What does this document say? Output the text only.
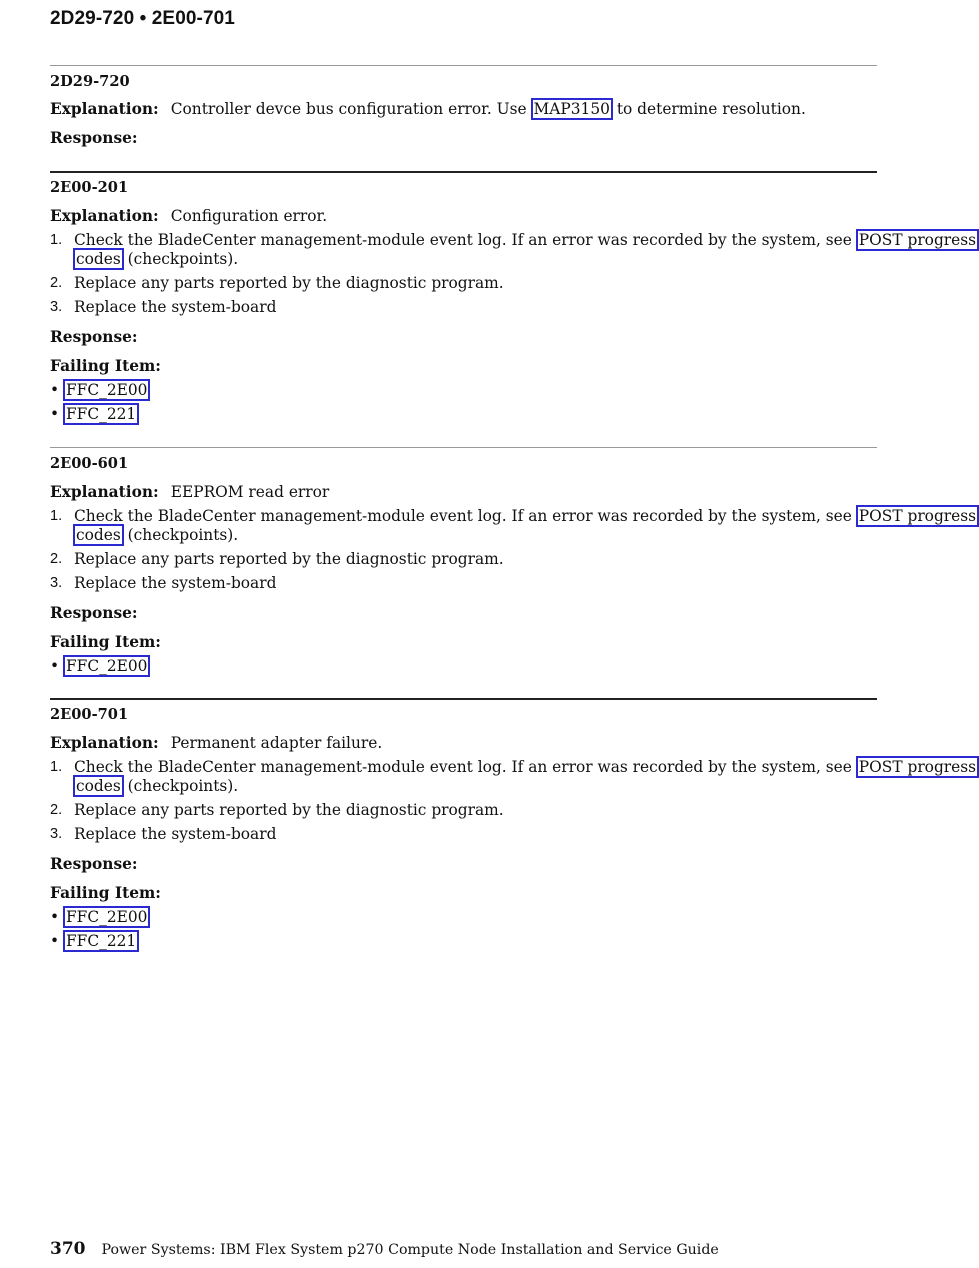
2D29-720 • 2E00-701
2D29-720
Explanation: Controller devce bus configuration error. Use MAP3150 to determine resolution.
Response:
2E00-201
Explanation: Configuration error.
1. Check the BladeCenter management-module event log. If an error was recorded by the system, see POST progress
codes (checkpoints).
2. Replace any parts reported by the diagnostic program.
3. Replace the system-board
Response:
Failing Item:
• FFC_2E00
• FFC_221
2E00-601
Explanation: EEPROM read error
1. Check the BladeCenter management-module event log. If an error was recorded by the system, see POST progress
codes (checkpoints).
2. Replace any parts reported by the diagnostic program.
3. Replace the system-board
Response:
Failing Item:
• FFC_2E00
2E00-701
Explanation: Permanent adapter failure.
1. Check the BladeCenter management-module event log. If an error was recorded by the system, see POST progress
codes (checkpoints).
2. Replace any parts reported by the diagnostic program.
3. Replace the system-board
Response:
Failing Item:
• FFC_2E00
• FFC_221
370 Power Systems: IBM Flex System p270 Compute Node Installation and Service Guide
